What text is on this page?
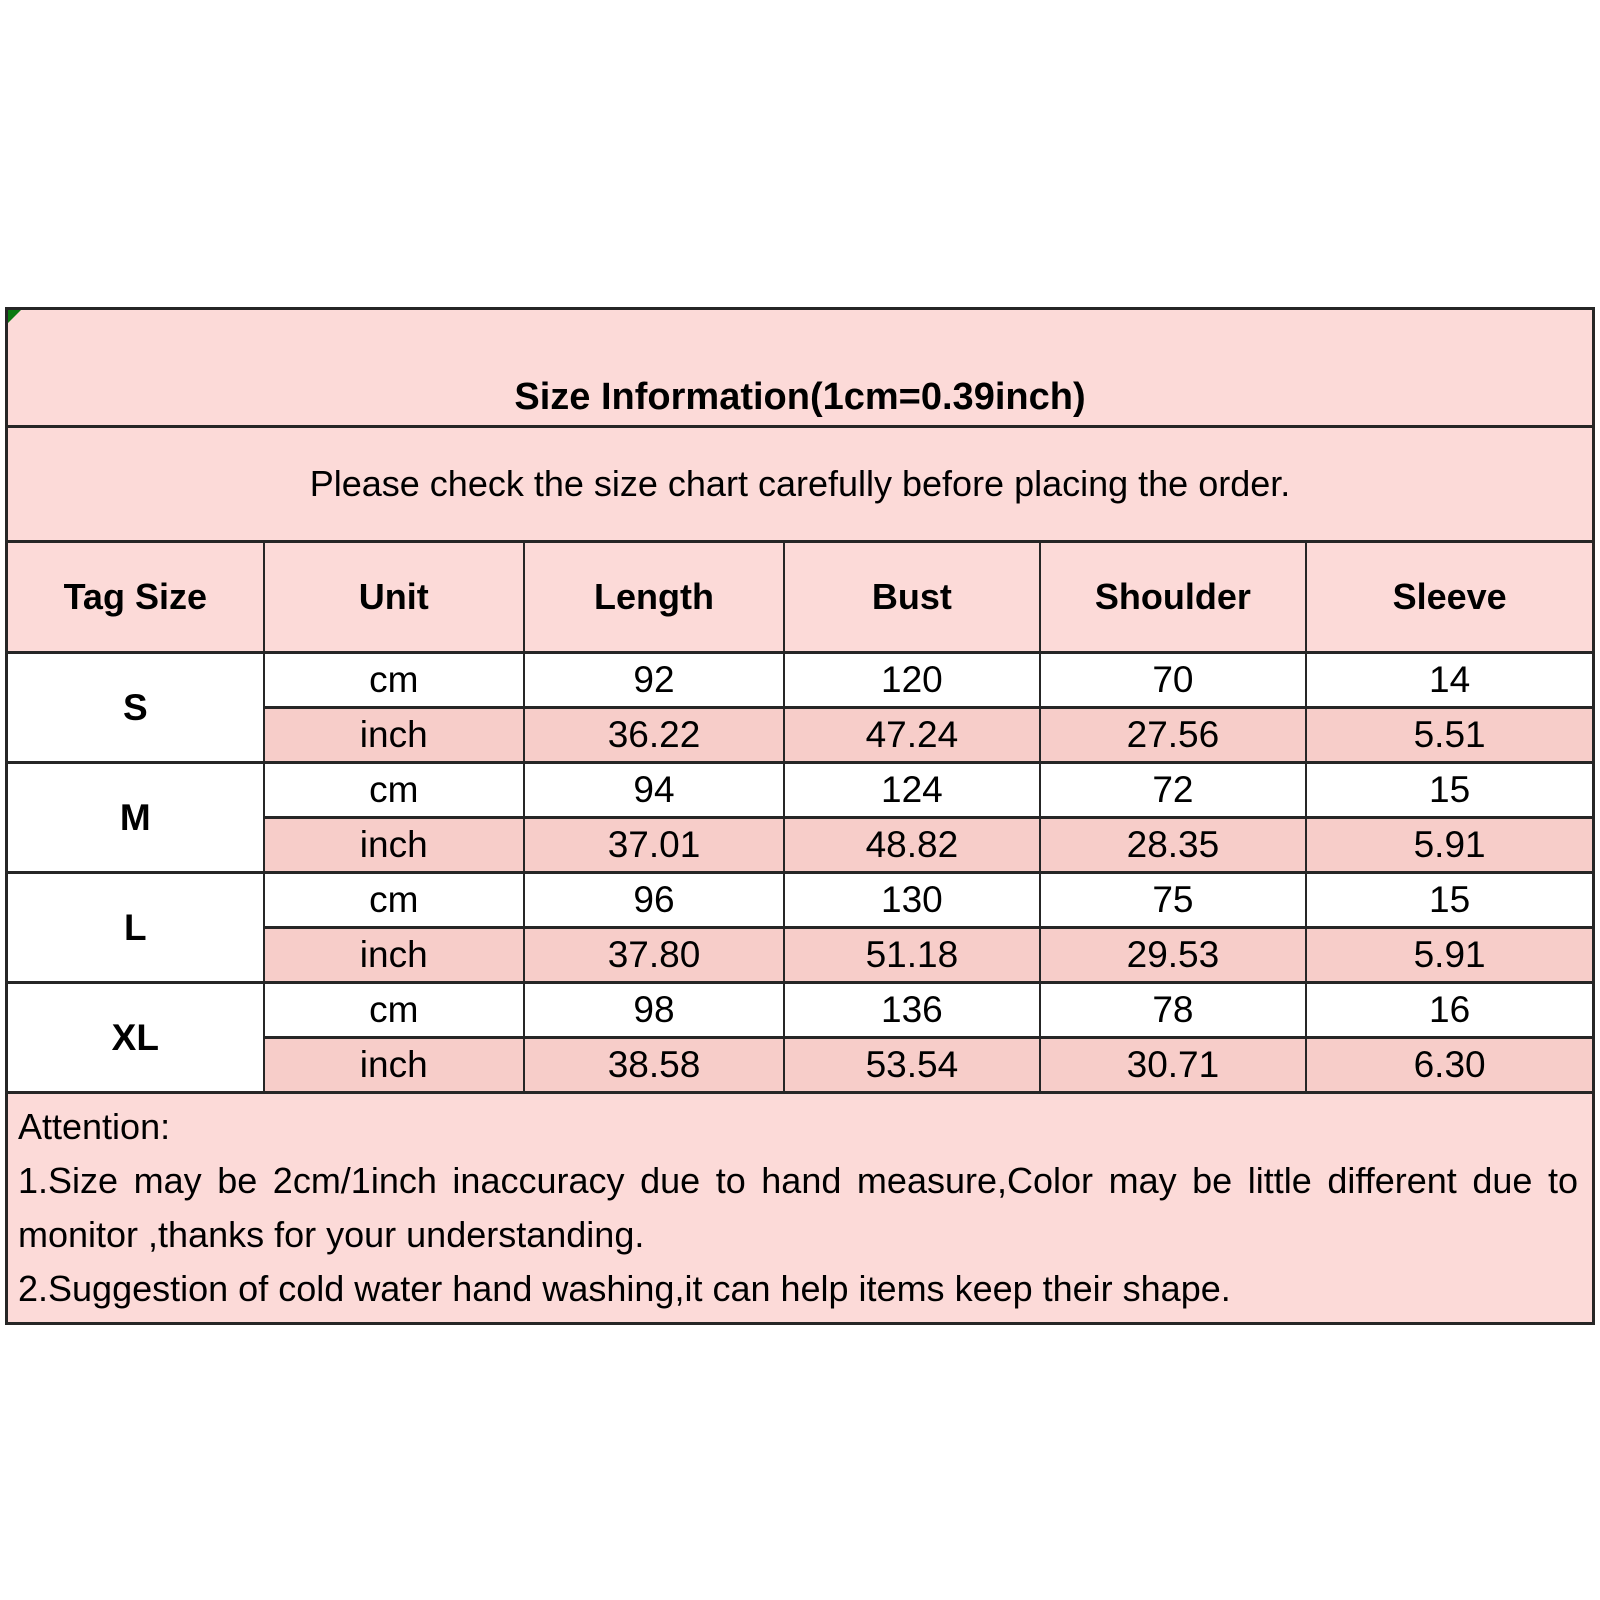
Size Information(1cm=0.39inch)					
Please check the size chart carefully before placing the order.					
Tag Size	Unit	Length	Bust	Shoulder	Sleeve
S	cm	92	120	70	14
	inch	36.22	47.24	27.56	5.51
M	cm	94	124	72	15
	inch	37.01	48.82	28.35	5.91
L	cm	96	130	75	15
	inch	37.80	51.18	29.53	5.91
XL	cm	98	136	78	16
	inch	38.58	53.54	30.71	6.30

Attention:
1.Size may be 2cm/1inch inaccuracy due to hand measure,Color may be little different due to monitor ,thanks for your understanding.
2.Suggestion of cold water hand washing,it can help items keep their shape.					
